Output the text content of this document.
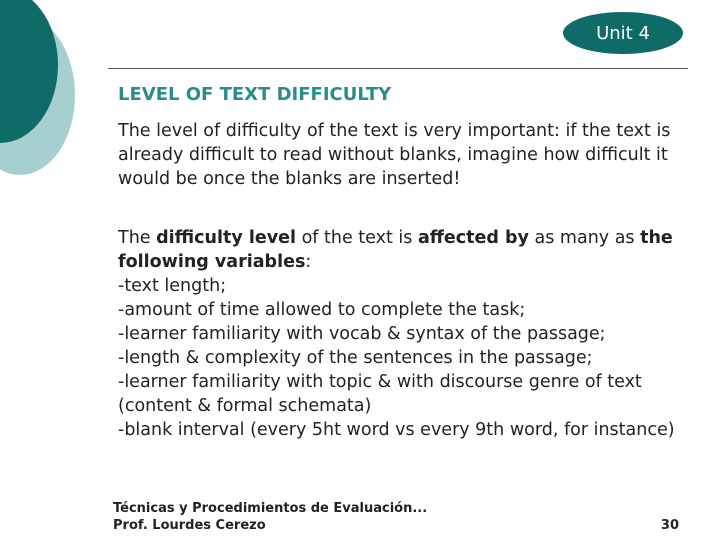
Unit 4
LEVEL OF TEXT DIFFICULTY

The level of difficulty of the text is very important: if the text is already difficult to read without blanks, imagine how difficult it would be once the blanks are inserted!

The difficulty level of the text is affected by as many as the following variables:
-text length;
-amount of time allowed to complete the task;
-learner familiarity with vocab & syntax of the passage;
-length & complexity of the sentences in the passage;
-learner familiarity with topic & with discourse genre of text (content & formal schemata)
-blank interval (every 5ht word vs every 9th word, for instance)
Técnicas y Procedimientos de Evaluación...
Prof. Lourdes Cerezo	30
